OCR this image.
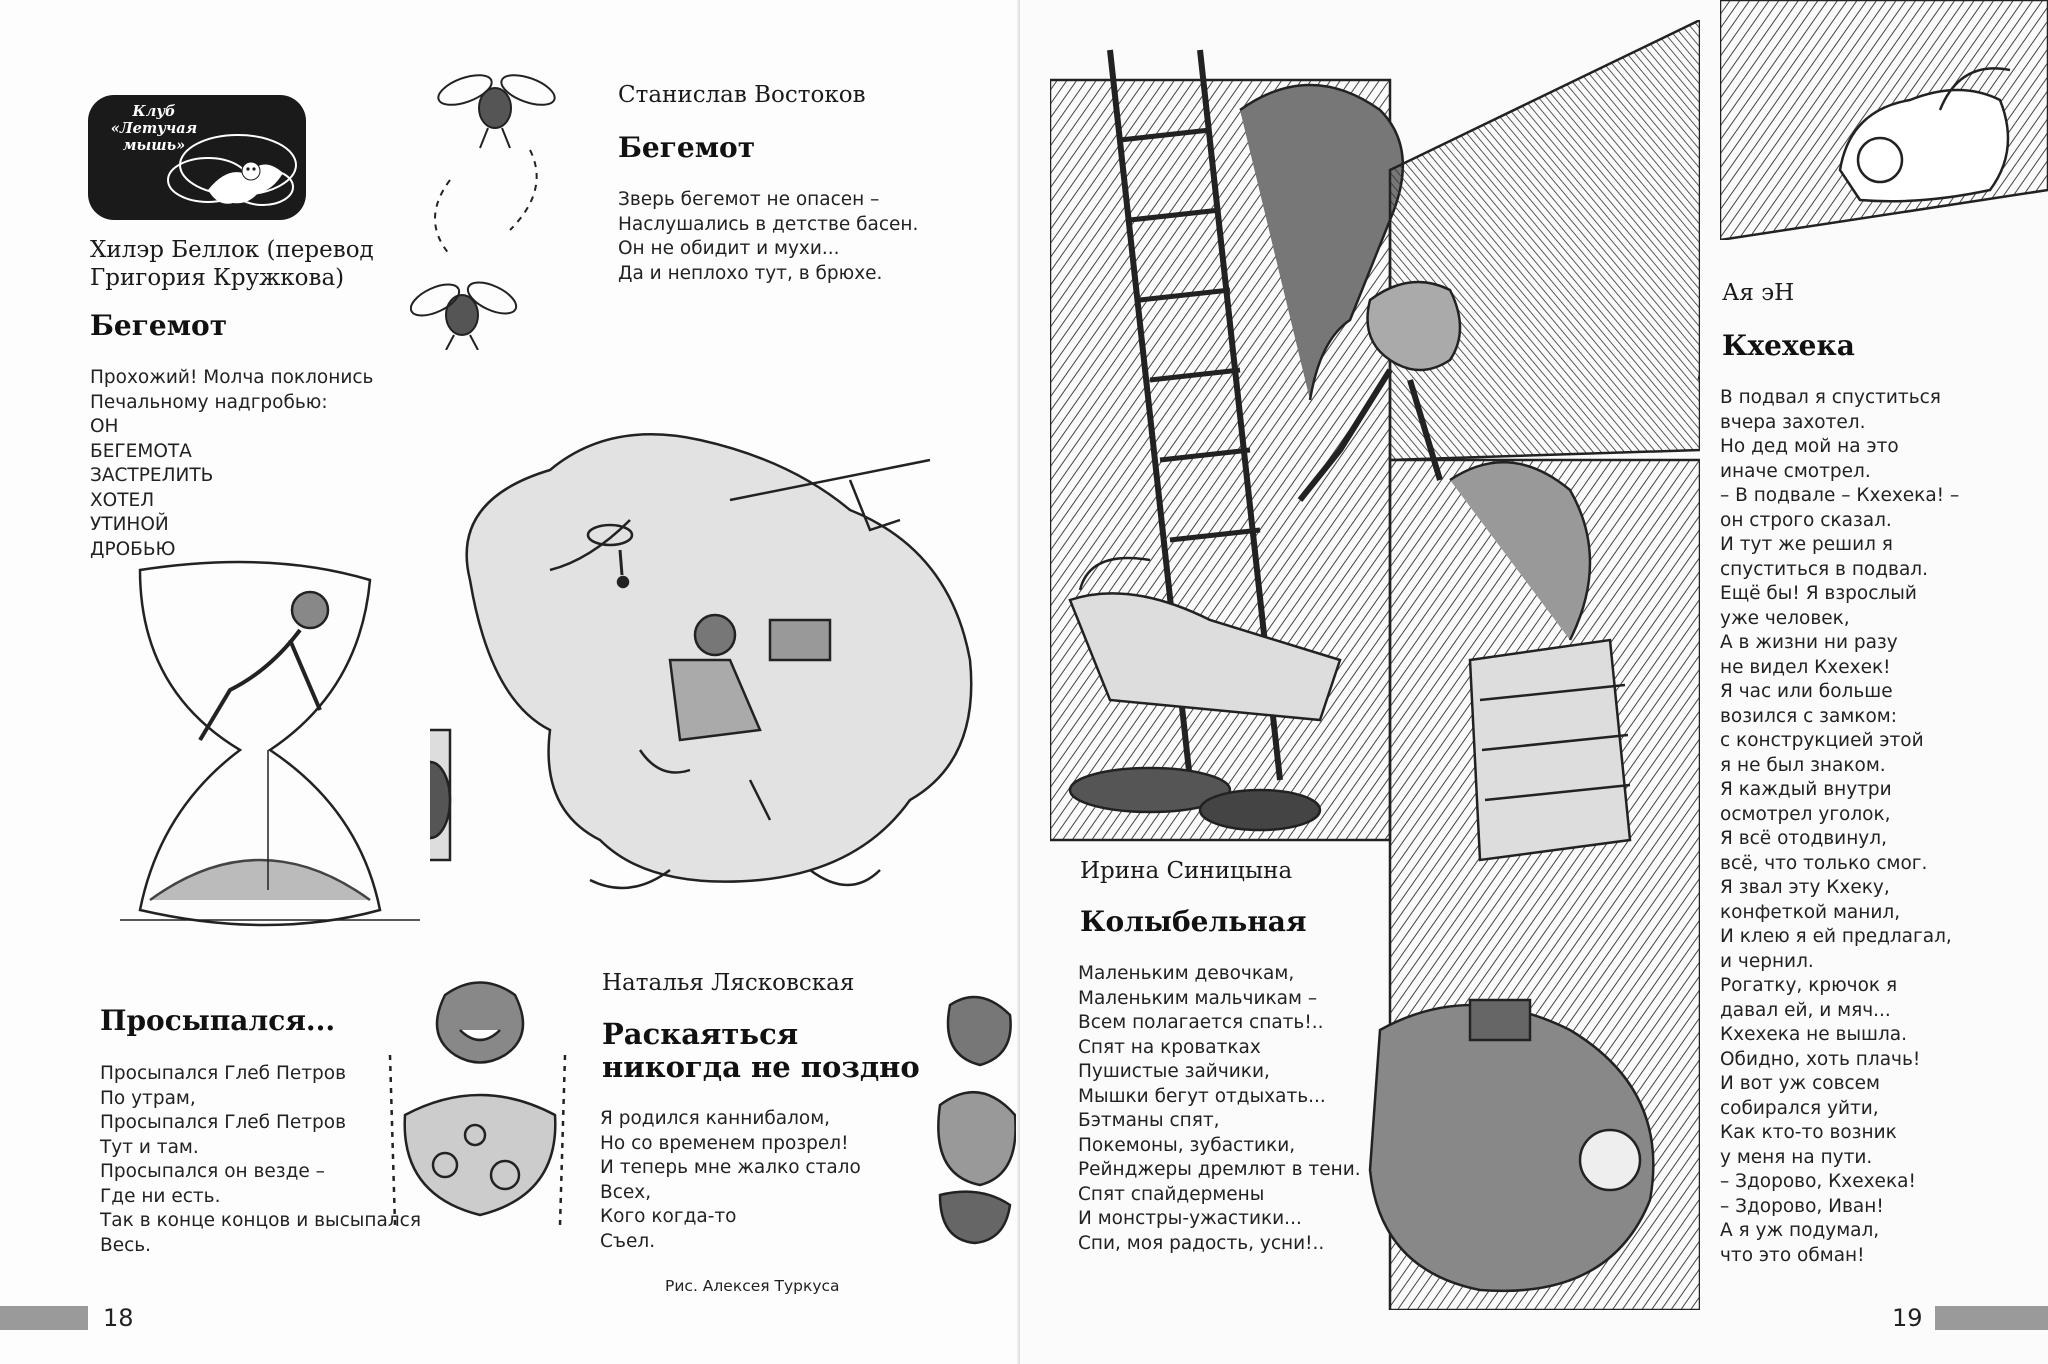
Клуб
«Летучая
мышь»
Хилэр Беллок (перевод
Григория Кружкова)
Бегемот
Прохожий! Молча поклонись
Печальному надгробью:
ОН
БЕГЕМОТА
ЗАСТРЕЛИТЬ
ХОТЕЛ
УТИНОЙ
ДРОБЬЮ
Станислав Востоков
Бегемот
Зверь бегемот не опасен –
Наслушались в детстве басен.
Он не обидит и мухи...
Да и неплохо тут, в брюхе.
Просыпался...
Просыпался Глеб Петров
По утрам,
Просыпался Глеб Петров
Тут и там.
Просыпался он везде –
Где ни есть.
Так в конце концов и высыпался
Весь.
Наталья Лясковская
Раскаяться
никогда не поздно
Я родился каннибалом,
Но со временем прозрел!
И теперь мне жалко стало
Всех,
Кого когда-то
Съел.
Рис. Алексея Туркуса
18
Ирина Синицына
Колыбельная
Маленьким девочкам,
Маленьким мальчикам –
Всем полагается спать!..
Спят на кроватках
Пушистые зайчики,
Мышки бегут отдыхать...
Бэтманы спят,
Покемоны, зубастики,
Рейнджеры дремлют в тени.
Спят спайдермены
И монстры-ужастики...
Спи, моя радость, усни!..
Ая эН
Кхехека
В подвал я спуститься
вчера захотел.
Но дед мой на это
иначе смотрел.
– В подвале – Кхехека! –
он строго сказал.
И тут же решил я
спуститься в подвал.
Ещё бы! Я взрослый
уже человек,
А в жизни ни разу
не видел Кхехек!
Я час или больше
возился с замком:
с конструкцией этой
я не был знаком.
Я каждый внутри
осмотрел уголок,
Я всё отодвинул,
всё, что только смог.
Я звал эту Кхеку,
конфеткой манил,
И клею я ей предлагал,
и чернил.
Рогатку, крючок я
давал ей, и мяч...
Кхехека не вышла.
Обидно, хоть плачь!
И вот уж совсем
собирался уйти,
Как кто-то возник
у меня на пути.
– Здорово, Кхехека!
– Здорово, Иван!
А я уж подумал,
что это обман!
19
